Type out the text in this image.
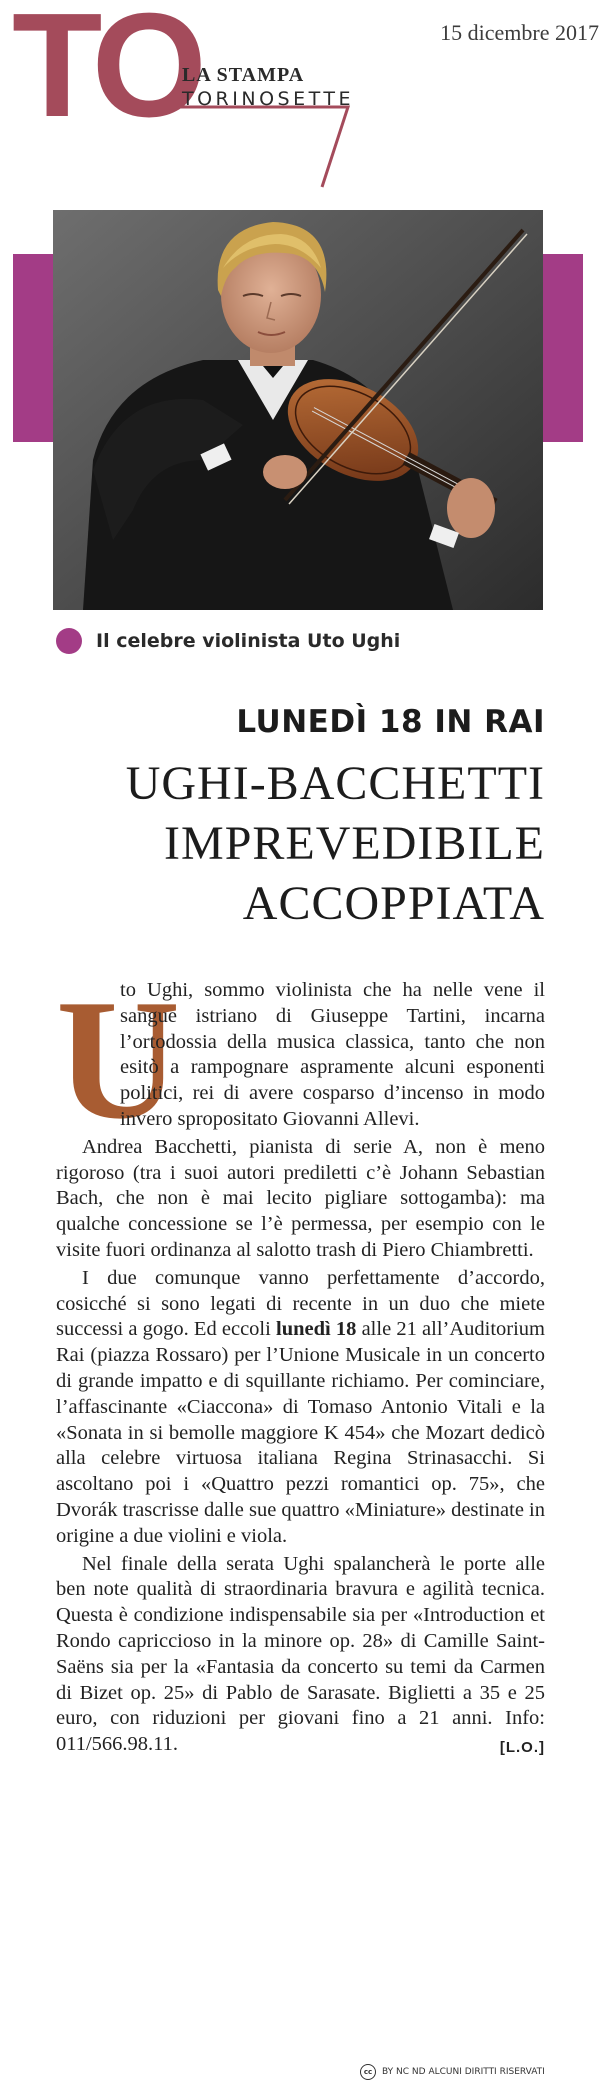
TO
LA STAMPA
TORINOSETTE
15 dicembre 2017
Il celebre violinista Uto Ughi
LUNEDÌ 18 IN RAI
UGHI-BACCHETTI
IMPREVEDIBILE
ACCOPPIATA
U

to Ughi, sommo violinista che ha nelle vene il sangue istriano di Giuseppe Tartini, incarna l’ortodossia della musica classica, tanto che non esitò a rampognare aspramente alcuni esponenti politici, rei di avere cosparso d’incenso in modo invero spropositato Giovanni Allevi.

Andrea Bacchetti, pianista di serie A, non è meno rigoroso (tra i suoi autori prediletti c’è Johann Sebastian Bach, che non è mai lecito pigliare sottogamba): ma qualche concessione se l’è permessa, per esempio con le visite fuori ordinanza al salotto trash di Piero Chiambretti.

I due comunque vanno perfettamente d’accordo, cosicché si sono legati di recente in un duo che miete successi a gogo. Ed eccoli lunedì 18 alle 21 all’Auditorium Rai (piazza Rossaro) per l’Unione Musicale in un concerto di grande impatto e di squillante richiamo. Per cominciare, l’affascinante «Ciaccona» di Tomaso Antonio Vitali e la «Sonata in si bemolle maggiore K 454» che Mozart dedicò alla celebre virtuosa italiana Regina Strinasacchi. Si ascoltano poi i «Quattro pezzi romantici op. 75», che Dvorák trascrisse dalle sue quattro «Miniature» destinate in origine a due violini e viola.

Nel finale della serata Ughi spalancherà le porte alle ben note qualità di straordinaria bravura e agilità tecnica. Questa è condizione indispensabile sia per «Introduction et Rondo capriccioso in la minore op. 28» di Camille Saint-Saëns sia per la «Fantasia da concerto su temi da Carmen di Bizet op. 25» di Pablo de Sarasate. Biglietti a 35 e 25 euro, con riduzioni per giovani fino a 21 anni. Info: 011/566.98.11.	[L.O.]

cc	BY NC ND ALCUNI DIRITTI RISERVATI
